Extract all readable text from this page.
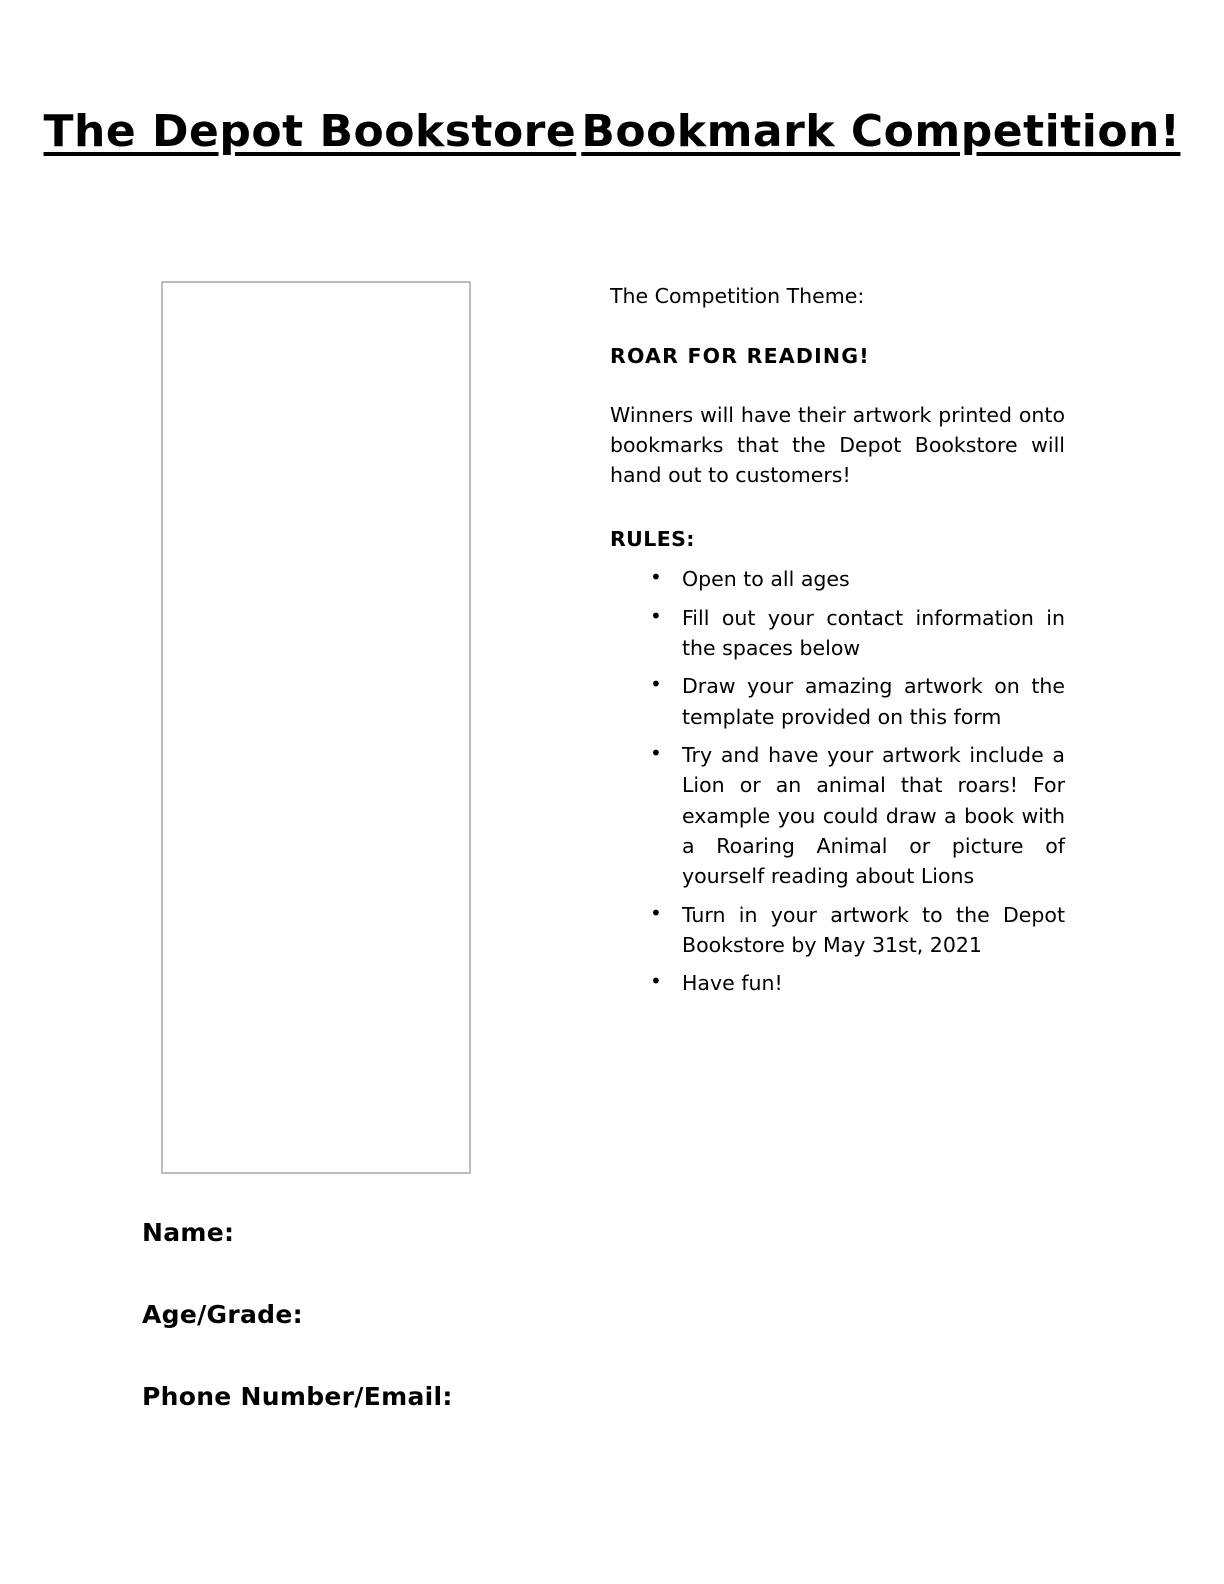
The Depot Bookstore Bookmark Competition!

The Competition Theme:

ROAR FOR READING!

Winners will have their artwork printed onto bookmarks that the Depot Bookstore will hand out to customers!

RULES:

• Open to all ages
• Fill out your contact information in the spaces below
• Draw your amazing artwork on the template provided on this form
• Try and have your artwork include a Lion or an animal that roars! For example you could draw a book with a Roaring Animal or picture of yourself reading about Lions
• Turn in your artwork to the Depot Bookstore by May 31st, 2021
• Have fun!
Name:
Age/Grade:
Phone Number/Email:
